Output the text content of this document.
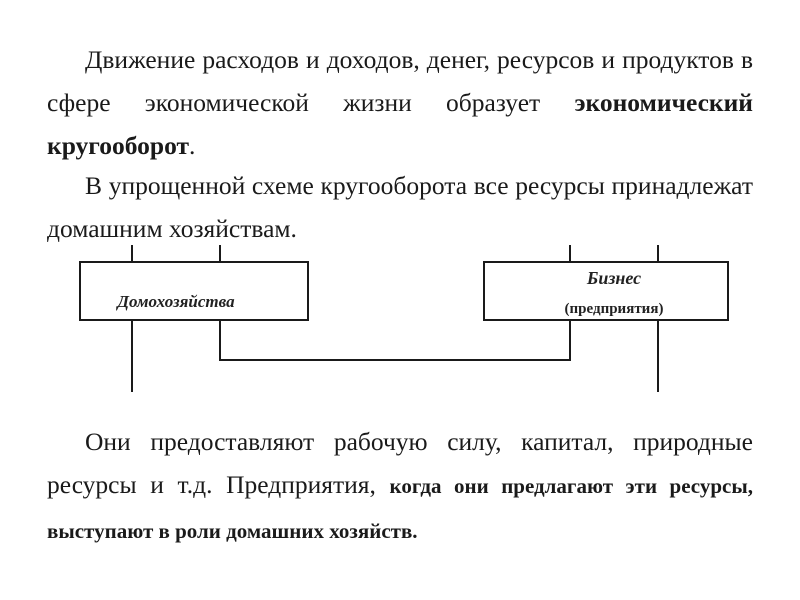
Движение расходов и доходов, денег, ресурсов и продуктов в сфере экономической жизни образует экономический кругооборот.

В упрощенной схеме кругооборота все ресурсы принадлежат домашним хозяйствам.

Домохозяйства
Бизнес
(предприятия)

Они предоставляют рабочую силу, капитал, природные ресурсы и т.д. Предприятия, когда они предлагают эти ресурсы, выступают в роли домашних хозяйств.
